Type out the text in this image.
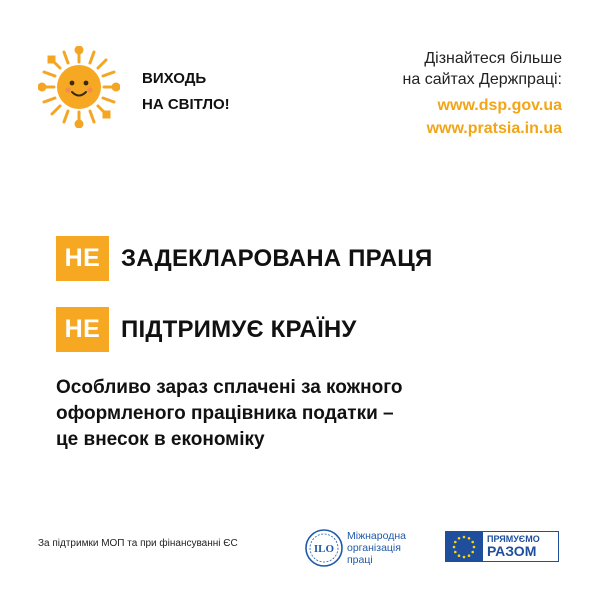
ВИХОДЬ
НА СВІТЛО!
Дізнайтеся більше
на сайтах Держпраці:
www.dsp.gov.ua
www.pratsia.in.ua
НЕ ЗАДЕКЛАРОВАНА ПРАЦЯ
НЕ ПІДТРИМУЄ КРАЇНУ
Особливо зараз сплачені за кожного
оформленого працівника податки –
це внесок в економіку
За підтримки МОП та при фінансуванні ЄС	ILO
Міжнародна
організація
праці
ПРЯМУЄМО
РАЗОМ
